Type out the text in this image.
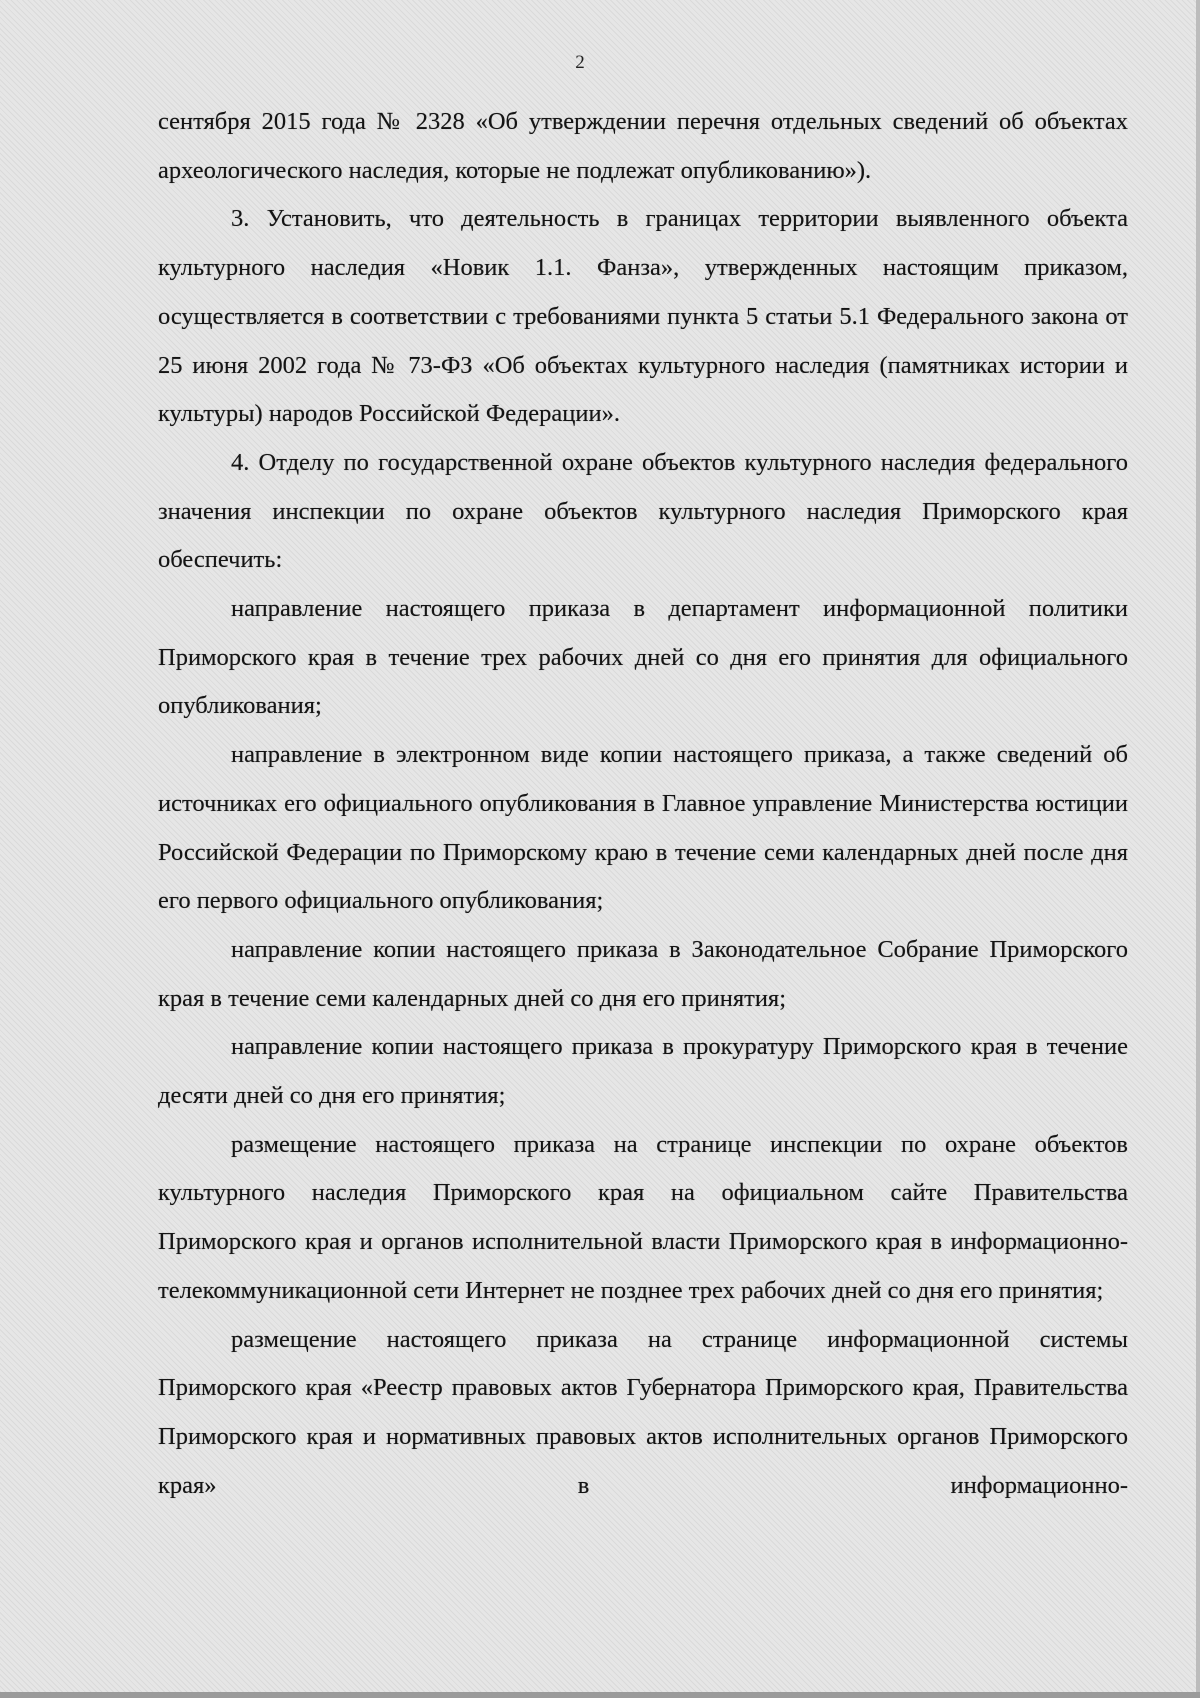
2

сентября 2015 года № 2328 «Об утверждении перечня отдельных сведений об объектах археологического наследия, которые не подлежат опубликованию»).

3. Установить, что деятельность в границах территории выявленного объекта культурного наследия «Новик 1.1. Фанза», утвержденных настоящим приказом, осуществляется в соответствии с требованиями пункта 5 статьи 5.1 Федерального закона от 25 июня 2002 года № 73-ФЗ «Об объектах культурного наследия (памятниках истории и культуры) народов Российской Федерации».

4. Отделу по государственной охране объектов культурного наследия федерального значения инспекции по охране объектов культурного наследия Приморского края обеспечить:

направление настоящего приказа в департамент информационной политики Приморского края в течение трех рабочих дней со дня его принятия для официального опубликования;

направление в электронном виде копии настоящего приказа, а также сведений об источниках его официального опубликования в Главное управление Министерства юстиции Российской Федерации по Приморскому краю в течение семи календарных дней после дня его первого официального опубликования;

направление копии настоящего приказа в Законодательное Собрание Приморского края в течение семи календарных дней со дня его принятия;

направление копии настоящего приказа в прокуратуру Приморского края в течение десяти дней со дня его принятия;

размещение настоящего приказа на странице инспекции по охране объектов культурного наследия Приморского края на официальном сайте Правительства Приморского края и органов исполнительной власти Приморского края в информационно-телекоммуникационной сети Интернет не позднее трех рабочих дней со дня его принятия;

размещение настоящего приказа на странице информационной системы Приморского края «Реестр правовых актов Губернатора Приморского края, Правительства Приморского края и нормативных правовых актов исполнительных органов Приморского края» в информационно-
